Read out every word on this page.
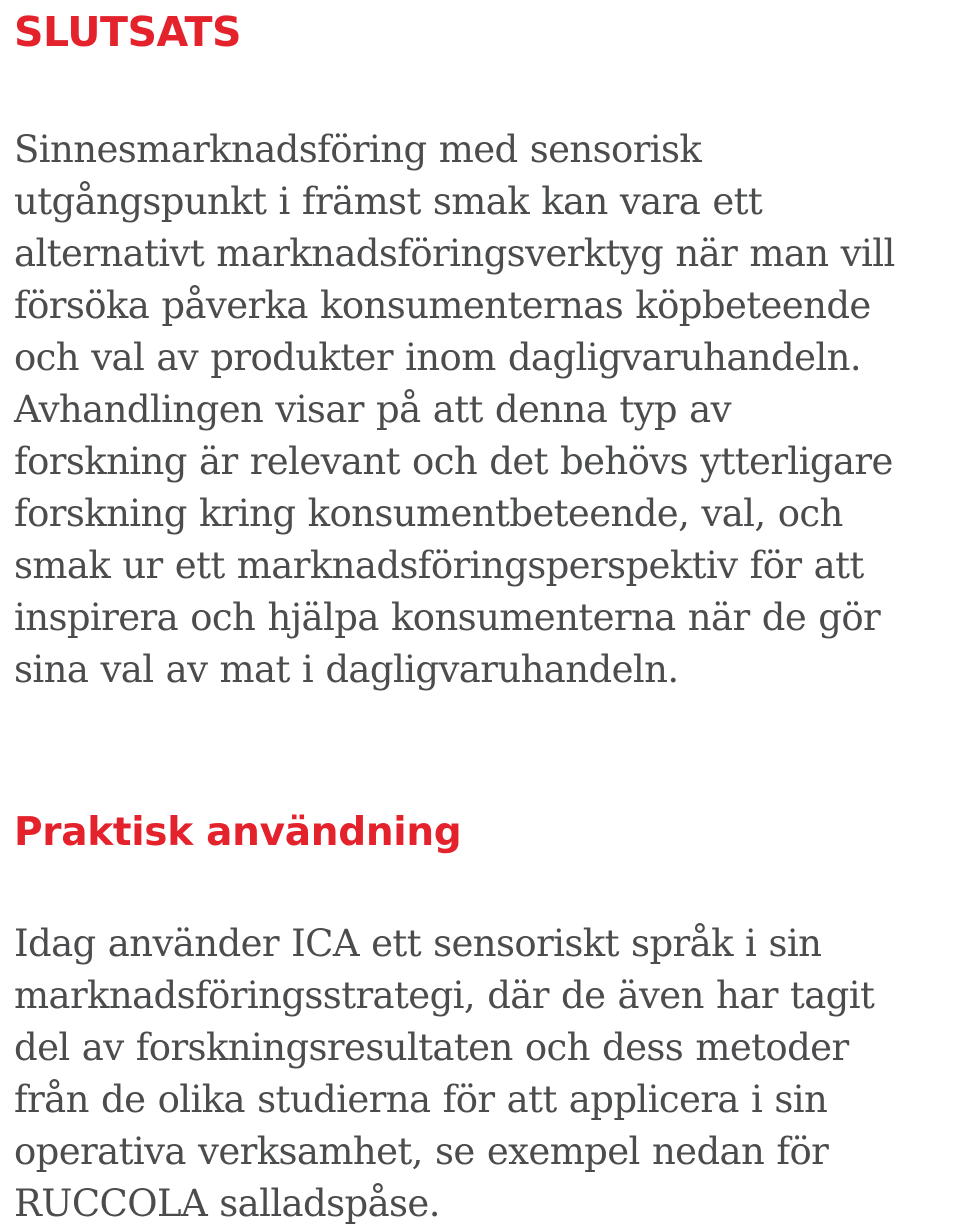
SLUTSATS

Sinnesmarknadsföring med sensorisk
utgångspunkt i främst smak kan vara ett
alternativt marknadsföringsverktyg när man vill
försöka påverka konsumenternas köpbeteende
och val av produkter inom dagligvaruhandeln.
Avhandlingen visar på att denna typ av
forskning är relevant och det behövs ytterligare
forskning kring konsumentbeteende, val, och
smak ur ett marknadsföringsperspektiv för att
inspirera och hjälpa konsumenterna när de gör
sina val av mat i dagligvaruhandeln.

Praktisk användning

Idag använder ICA ett sensoriskt språk i sin
marknadsföringsstrategi, där de även har tagit
del av forskningsresultaten och dess metoder
från de olika studierna för att applicera i sin
operativa verksamhet, se exempel nedan för
RUCCOLA salladspåse.
